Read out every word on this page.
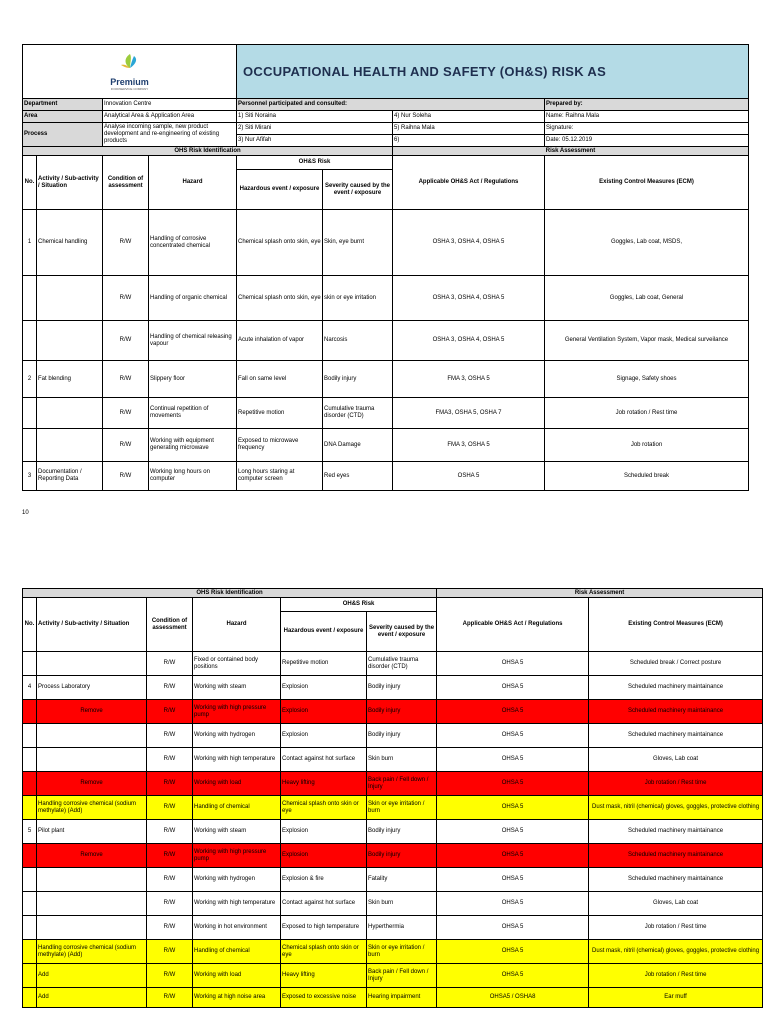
Premium
FOODSERVICE COMPANY				OCCUPATIONAL HEALTH AND SAFETY (OH&S) RISK AS			
Department		Innovation Centre		Personnel participated and consulted:			Prepared by:
Area		Analytical Area & Application Area		1) Siti Noraina		4) Nur Soleha	Name: Raihna Mala
Process		Analyse incoming sample, new product development and re-engineering of existing products		2) Siti Mirani		5) Raihna Mala	Signature:
				3) Nur Afifah		6)	Date: 05.12.2019
OHS Risk Identification						Risk Assessment	
No.	Activity / Sub-activity / Situation	Condition of assessment	Hazard	OH&S Risk		Applicable OH&S Act / Regulations	Existing Control Measures (ECM)
				Hazardous event / exposure	Severity caused by the event / exposure		
1	Chemical handling	R/W	Handling of corrosive concentrated chemical	Chemical splash onto skin, eye	Skin, eye burnt	OSHA 3, OSHA 4, OSHA 5	Goggles, Lab coat, MSDS,
		R/W	Handling of organic chemical	Chemical splash onto skin, eye	skin or eye irritation	OSHA 3, OSHA 4, OSHA 5	Goggles, Lab coat, General
		R/W	Handling of chemical releasing vapour	Acute inhalation of vapor	Narcosis	OSHA 3, OSHA 4, OSHA 5	General Ventilation System, Vapor mask, Medical surveilance
2	Fat blending	R/W	Slippery floor	Fall on same level	Bodily injury	FMA 3, OSHA 5	Signage, Safety shoes
		R/W	Continual repetition of movements	Repetitive motion	Cumulative trauma disorder (CTD)	FMA3, OSHA 5, OSHA 7	Job rotation / Rest time
		R/W	Working with equipment generating microwave	Exposed to microwave frequency	DNA Damage	FMA 3, OSHA 5	Job rotation
3	Documentation / Reporting Data	R/W	Working long hours on computer	Long hours staring at computer screen	Red eyes	OSHA 5	Scheduled break
10
OHS Risk Identification						Risk Assessment	
No.	Activity / Sub-activity / Situation	Condition of assessment	Hazard	OH&S Risk		Applicable OH&S Act / Regulations	Existing Control Measures (ECM)
				Hazardous event / exposure	Severity caused by the event / exposure		
		R/W	Fixed or contained body positions	Repetitive motion	Cumulative trauma disorder (CTD)	OHSA 5	Scheduled break / Correct posture
4	Process Laboratory	R/W	Working with steam	Explosion	Bodily injury	OHSA 5	Scheduled machinery maintainance
	Remove	R/W	Working with high pressure pump	Explosion	Bodily injury	OHSA 5	Scheduled machinery maintainance
		R/W	Working with hydrogen	Explosion	Bodily injury	OHSA 5	Scheduled machinery maintainance
		R/W	Working with high temperature	Contact against hot surface	Skin burn	OHSA 5	Gloves, Lab coat
	Remove	R/W	Working with load	Heavy lifting	Back pain / Fell down / Injury	OHSA 5	Job rotation / Rest time
	Handling corrosive chemical (sodium methylate) (Add)	R/W	Handling of chemical	Chemical splash onto skin or eye	Skin or eye irritation / burn	OHSA 5	Dust mask, nitril (chemical) gloves, goggles, protective clothing
5	Pilot plant	R/W	Working with steam	Explosion	Bodily injury	OHSA 5	Scheduled machinery maintainance
	Remove	R/W	Working with high pressure pump	Explosion	Bodily injury	OHSA 5	Scheduled machinery maintainance
		R/W	Working with hydrogen	Explosion & fire	Fatality	OHSA 5	Scheduled machinery maintainance
		R/W	Working with high temperature	Contact against hot surface	Skin burn	OHSA 5	Gloves, Lab coat
		R/W	Working in hot environment	Exposed to high temperature	Hyperthermia	OHSA 5	Job rotation / Rest time
	Handling corrosive chemical (sodium methylate) (Add)	R/W	Handling of chemical	Chemical splash onto skin or eye	Skin or eye irritation / burn	OHSA 5	Dust mask, nitril (chemical) gloves, goggles, protective clothing
	Add	R/W	Working with load	Heavy lifting	Back pain / Fell down / Injury	OHSA 5	Job rotation / Rest time
	Add	R/W	Working at high noise area	Exposed to excessive noise	Hearing impairment	OHSA5 / OSHA8	Ear muff
